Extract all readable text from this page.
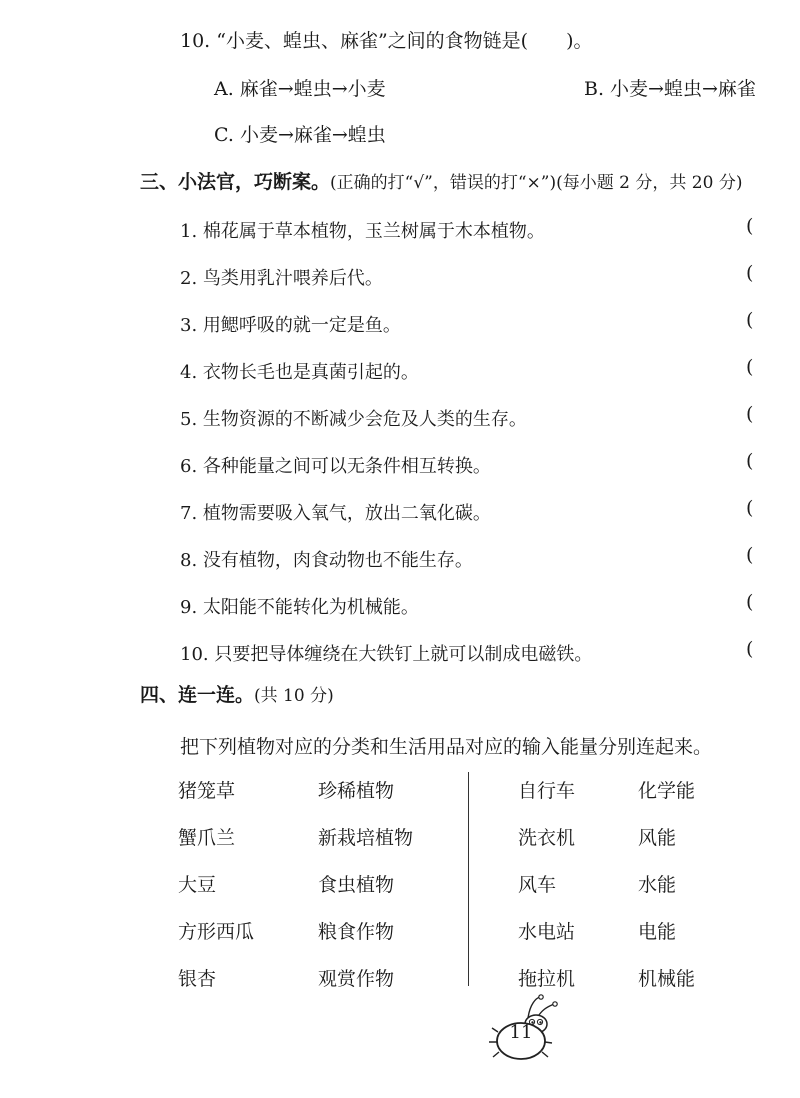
10. “小麦、蝗虫、麻雀”之间的食物链是(　　)。
A. 麻雀→蝗虫→小麦	B. 小麦→蝗虫→麻雀
C. 小麦→麻雀→蝗虫
三、小法官，巧断案。(正确的打“√”，错误的打“×”)(每小题 2 分，共 20 分)
1. 棉花属于草本植物，玉兰树属于木本植物。
2. 鸟类用乳汁喂养后代。
3. 用鳃呼吸的就一定是鱼。
4. 衣物长毛也是真菌引起的。
5. 生物资源的不断减少会危及人类的生存。
6. 各种能量之间可以无条件相互转换。
7. 植物需要吸入氧气，放出二氧化碳。
8. 没有植物，肉食动物也不能生存。
9. 太阳能不能转化为机械能。
10. 只要把导体缠绕在大铁钉上就可以制成电磁铁。
(
(
(
(
(
(
(
(
(
(
四、连一连。(共 10 分)
把下列植物对应的分类和生活用品对应的输入能量分别连起来。
猪笼草
蟹爪兰
大豆
方形西瓜
银杏
珍稀植物
新栽培植物
食虫植物
粮食作物
观赏作物
自行车
洗衣机
风车
水电站
拖拉机
化学能
风能
水能
电能
机械能
11
